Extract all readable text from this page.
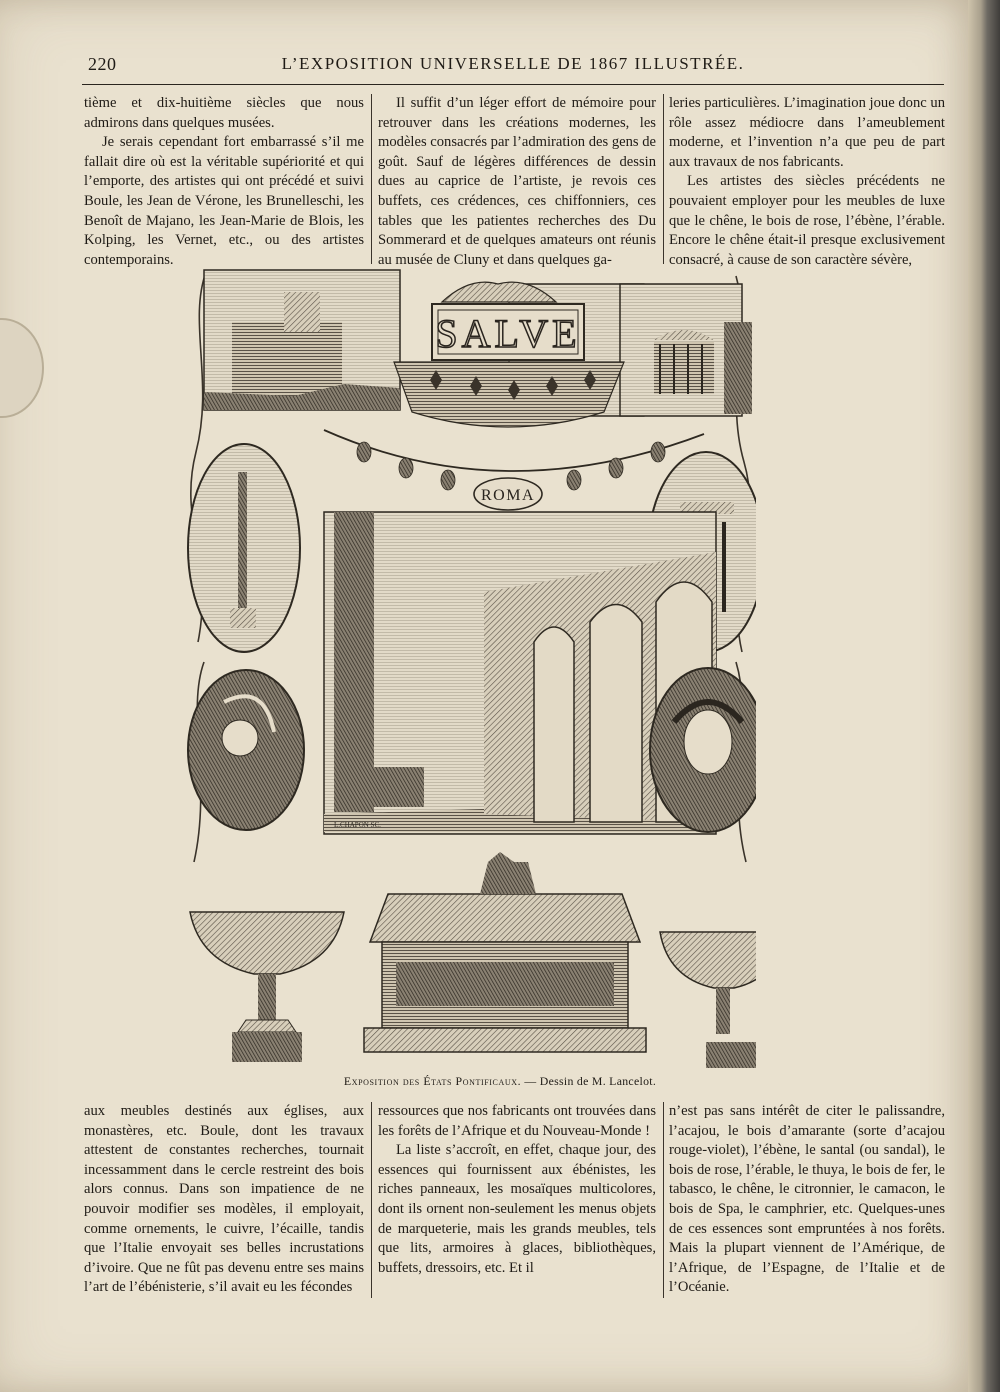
220	L’EXPOSITION UNIVERSELLE DE 1867 ILLUSTRÉE.

tième et dix-huitième siècles que nous admirons dans quelques musées.

Je serais cependant fort embarrassé s’il me fallait dire où est la véritable supériorité et qui l’emporte, des artistes qui ont précédé et suivi Boule, les Jean de Vérone, les Brunelleschi, les Benoît de Majano, les Jean-Marie de Blois, les Kolping, les Vernet, etc., ou des artistes contemporains.

Il suffit d’un léger effort de mémoire pour retrouver dans les créations modernes, les modèles consacrés par l’admiration des gens de goût. Sauf de légères différences de dessin dues au caprice de l’artiste, je revois ces buffets, ces crédences, ces chiffonniers, ces tables que les patientes recherches des Du Sommerard et de quelques amateurs ont réunis au musée de Cluny et dans quelques ga-

leries particulières. L’imagination joue donc un rôle assez médiocre dans l’ameublement moderne, et l’invention n’a que peu de part aux travaux de nos fabricants.

Les artistes des siècles précédents ne pouvaient employer pour les meubles de luxe que le chêne, le bois de rose, l’ébène, l’érable. Encore le chêne était-il presque exclusivement consacré, à cause de son caractère sévère,

SALVE
ROMA
L.CHAPON SC.
Exposition des États Pontificaux. — Dessin de M. Lancelot.

aux meubles destinés aux églises, aux monastères, etc. Boule, dont les travaux attestent de constantes recherches, tournait incessamment dans le cercle restreint des bois alors connus. Dans son impatience de ne pouvoir modifier ses modèles, il employait, comme ornements, le cuivre, l’écaille, tandis que l’Italie envoyait ses belles incrustations d’ivoire. Que ne fût pas devenu entre ses mains l’art de l’ébénisterie, s’il avait eu les fécondes

ressources que nos fabricants ont trouvées dans les forêts de l’Afrique et du Nouveau-Monde !

La liste s’accroît, en effet, chaque jour, des essences qui fournissent aux ébénistes, les riches panneaux, les mosaïques multicolores, dont ils ornent non-seulement les menus objets de marqueterie, mais les grands meubles, tels que lits, armoires à glaces, bibliothèques, buffets, dressoirs, etc. Et il

n’est pas sans intérêt de citer le palissandre, l’acajou, le bois d’amarante (sorte d’acajou rouge-violet), l’ébène, le santal (ou sandal), le bois de rose, l’érable, le thuya, le bois de fer, le tabasco, le chêne, le citronnier, le camacon, le bois de Spa, le camphrier, etc. Quelques-unes de ces essences sont empruntées à nos forêts. Mais la plupart viennent de l’Amérique, de l’Afrique, de l’Espagne, de l’Italie et de l’Océanie.
